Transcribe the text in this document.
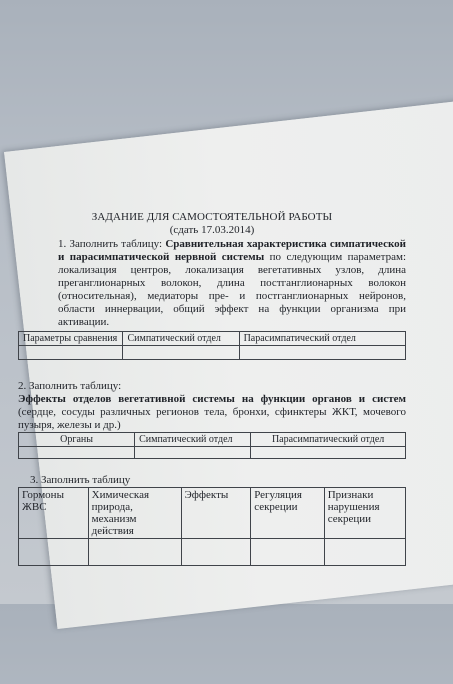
ЗАДАНИЕ ДЛЯ САМОСТОЯТЕЛЬНОЙ РАБОТЫ
(сдать 17.03.2014)
1. Заполнить таблицу: Сравнительная характеристика симпатической и парасимпатической нервной системы по следующим параметрам: локализация центров, локализация вегетативных узлов, длина преганглионарных волокон, длина постганглионарных волокон (относительная), медиаторы пре- и постганглионарных нейронов, области иннервации, общий эффект на функции организма при активации.
Параметры сравнения	Симпатический отдел	Парасимпатический отдел

2. Заполнить таблицу:
Эффекты отделов вегетативной системы на функции органов и систем (сердце, сосуды различных регионов тела, бронхи, сфинктеры ЖКТ, мочевого пузыря, железы и др.)
Органы	Симпатический отдел	Парасимпатический отдел

3. Заполнить таблицу
Гормоны ЖВС	Химическая природа, механизм действия	Эффекты	Регуляция секреции	Признаки нарушения секреции
